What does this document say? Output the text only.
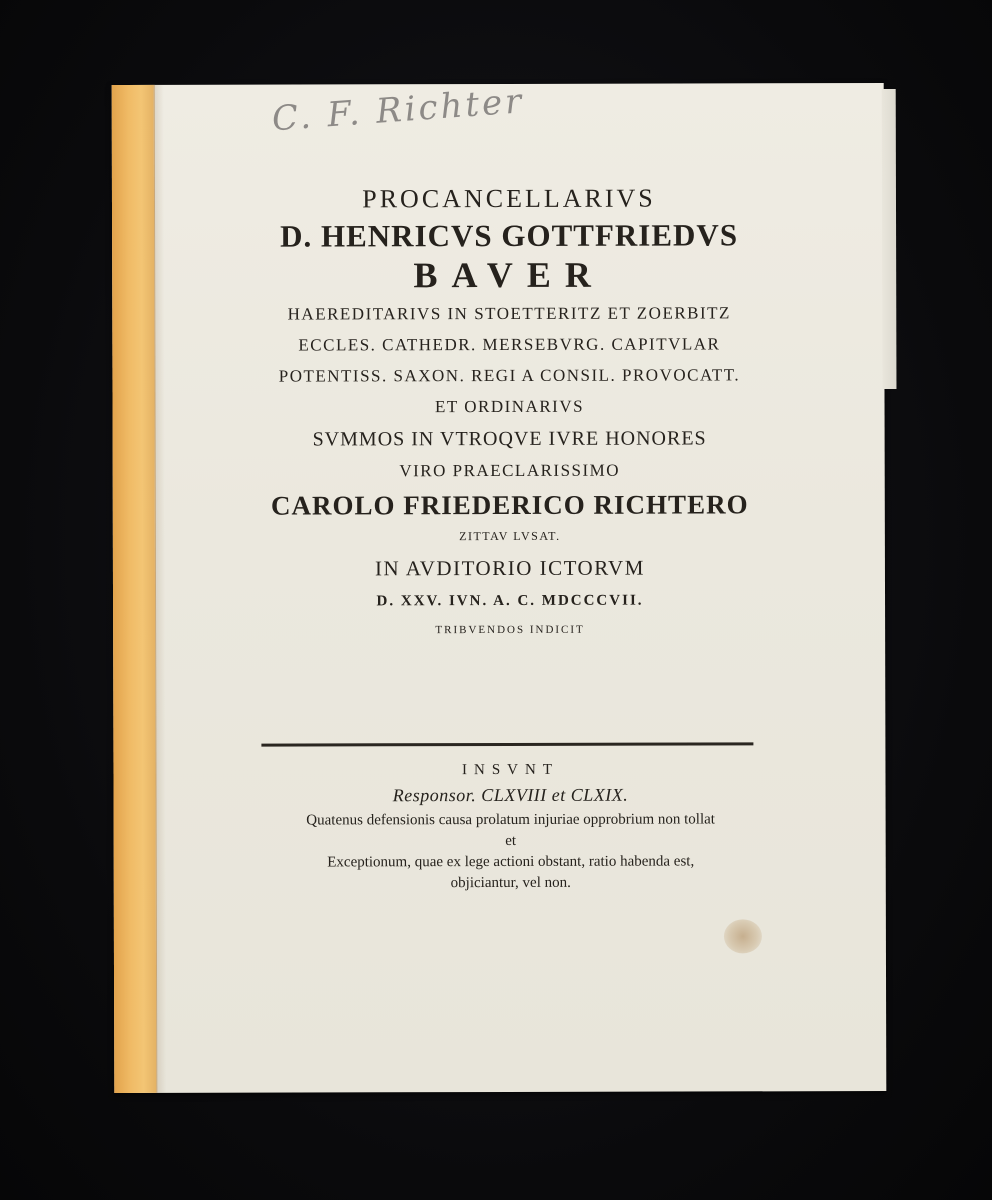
C. F. Richter
PROCANCELLARIVS
D. HENRICVS GOTTFRIEDVS
BAVER
HAEREDITARIVS IN STOETTERITZ ET ZOERBITZ
ECCLES. CATHEDR. MERSEBVRG. CAPITVLAR
POTENTISS. SAXON. REGI A CONSIL. PROVOCATT.
ET ORDINARIVS
SVMMOS IN VTROQVE IVRE HONORES
VIRO PRAECLARISSIMO
CAROLO FRIEDERICO RICHTERO
ZITTAV LVSAT.
IN AVDITORIO ICTORVM
D. XXV. IVN. A. C. MDCCCVII.
TRIBVENDOS INDICIT
INSVNT
Responsor. CLXVIII et CLXIX.
Quatenus defensionis causa prolatum injuriae opprobrium non tollat
et
Exceptionum, quae ex lege actioni obstant, ratio habenda est,
objiciantur, vel non.
